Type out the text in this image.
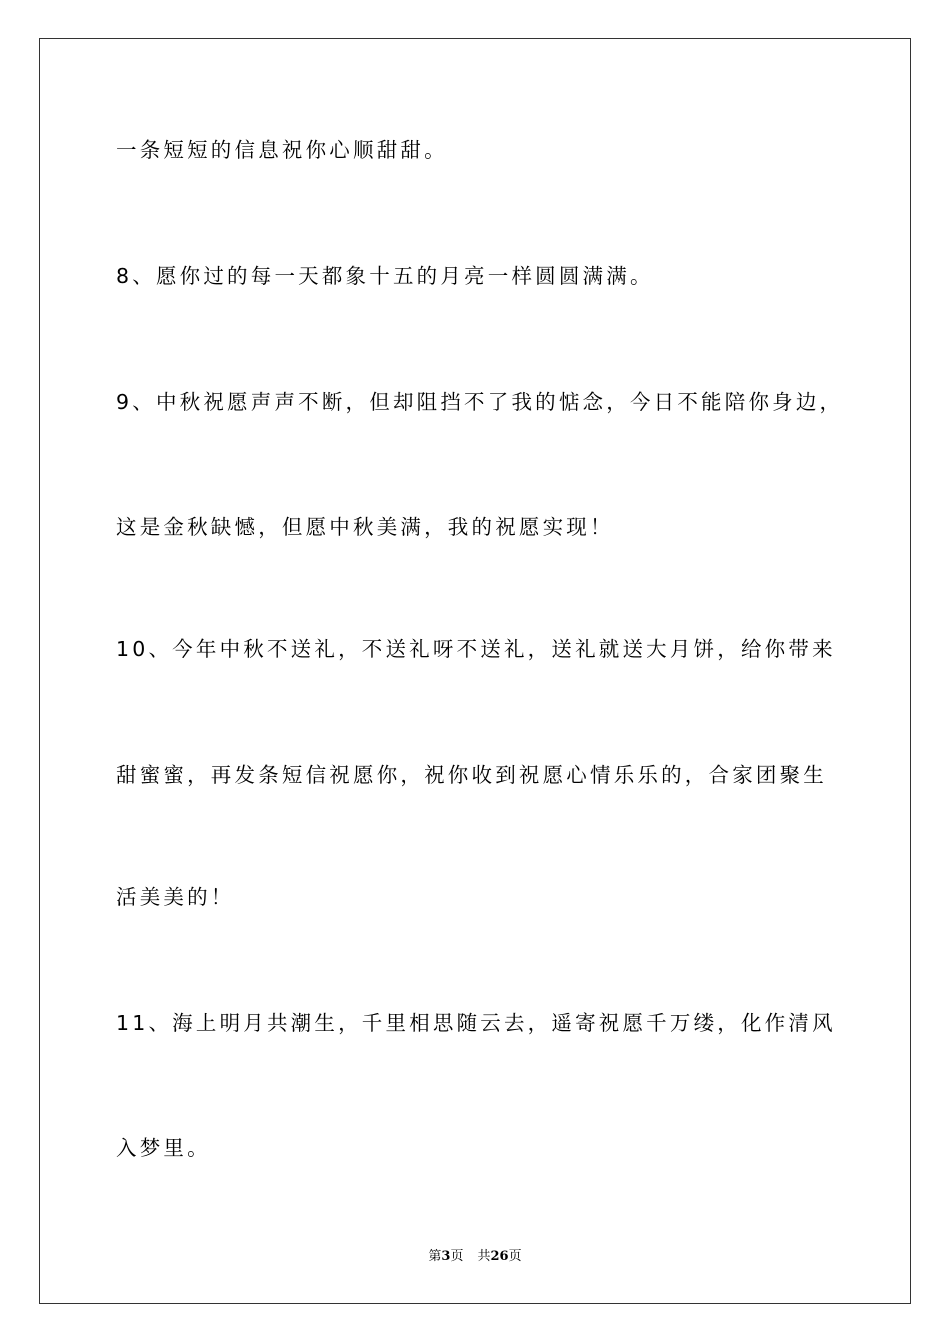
一条短短的信息祝你心顺甜甜。

8、愿你过的每一天都象十五的月亮一样圆圆满满。

9、中秋祝愿声声不断，但却阻挡不了我的惦念，今日不能陪你身边，

这是金秋缺憾，但愿中秋美满，我的祝愿实现！

10、今年中秋不送礼，不送礼呀不送礼，送礼就送大月饼，给你带来

甜蜜蜜，再发条短信祝愿你，祝你收到祝愿心情乐乐的，合家团聚生

活美美的！

11、海上明月共潮生，千里相思随云去，遥寄祝愿千万缕，化作清风

入梦里。

第3页 共26页
